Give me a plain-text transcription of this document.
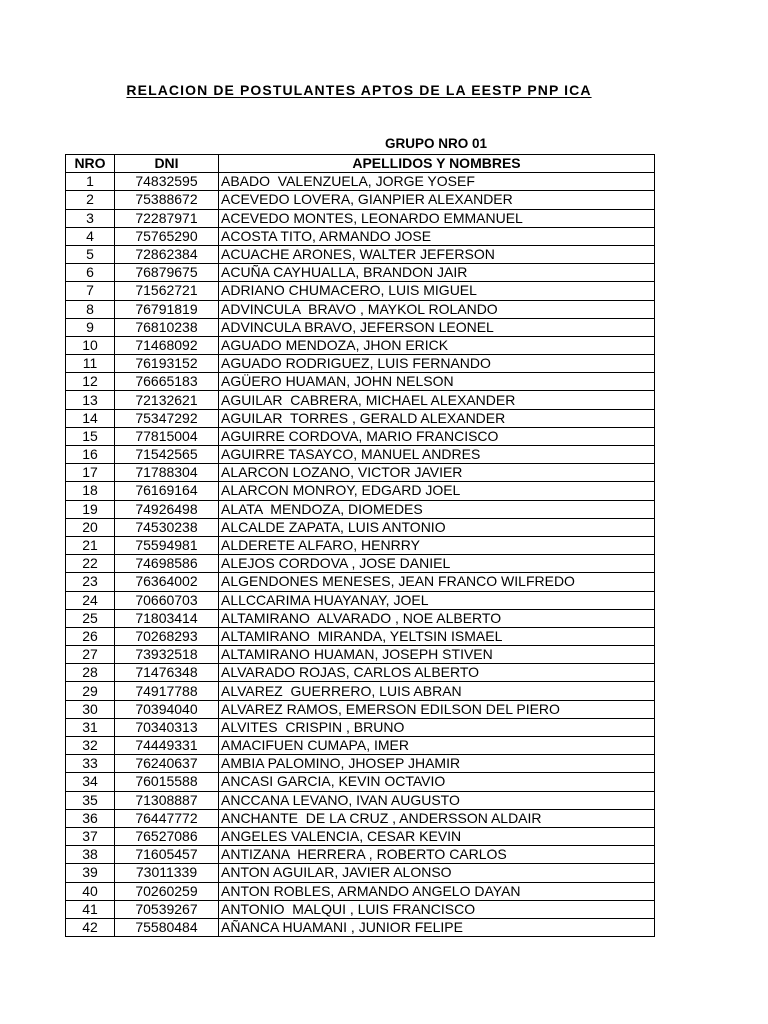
RELACION DE POSTULANTES APTOS DE LA EESTP PNP ICA
GRUPO NRO 01
NRO	DNI	APELLIDOS Y NOMBRES
1	74832595	ABADO  VALENZUELA, JORGE YOSEF
2	75388672	ACEVEDO LOVERA, GIANPIER ALEXANDER
3	72287971	ACEVEDO MONTES, LEONARDO EMMANUEL
4	75765290	ACOSTA TITO, ARMANDO JOSE
5	72862384	ACUACHE ARONES, WALTER JEFERSON
6	76879675	ACUÑA CAYHUALLA, BRANDON JAIR
7	71562721	ADRIANO CHUMACERO, LUIS MIGUEL
8	76791819	ADVINCULA  BRAVO , MAYKOL ROLANDO
9	76810238	ADVINCULA BRAVO, JEFERSON LEONEL
10	71468092	AGUADO MENDOZA, JHON ERICK
11	76193152	AGUADO RODRIGUEZ, LUIS FERNANDO
12	76665183	AGÜERO HUAMAN, JOHN NELSON
13	72132621	AGUILAR  CABRERA, MICHAEL ALEXANDER
14	75347292	AGUILAR  TORRES , GERALD ALEXANDER
15	77815004	AGUIRRE CORDOVA, MARIO FRANCISCO
16	71542565	AGUIRRE TASAYCO, MANUEL ANDRES
17	71788304	ALARCON LOZANO, VICTOR JAVIER
18	76169164	ALARCON MONROY, EDGARD JOEL
19	74926498	ALATA  MENDOZA, DIOMEDES
20	74530238	ALCALDE ZAPATA, LUIS ANTONIO
21	75594981	ALDERETE ALFARO, HENRRY
22	74698586	ALEJOS CORDOVA , JOSE DANIEL
23	76364002	ALGENDONES MENESES, JEAN FRANCO WILFREDO
24	70660703	ALLCCARIMA HUAYANAY, JOEL
25	71803414	ALTAMIRANO  ALVARADO , NOE ALBERTO
26	70268293	ALTAMIRANO  MIRANDA, YELTSIN ISMAEL
27	73932518	ALTAMIRANO HUAMAN, JOSEPH STIVEN
28	71476348	ALVARADO ROJAS, CARLOS ALBERTO
29	74917788	ALVAREZ  GUERRERO, LUIS ABRAN
30	70394040	ALVAREZ RAMOS, EMERSON EDILSON DEL PIERO
31	70340313	ALVITES  CRISPIN , BRUNO
32	74449331	AMACIFUEN CUMAPA, IMER
33	76240637	AMBIA PALOMINO, JHOSEP JHAMIR
34	76015588	ANCASI GARCIA, KEVIN OCTAVIO
35	71308887	ANCCANA LEVANO, IVAN AUGUSTO
36	76447772	ANCHANTE  DE LA CRUZ , ANDERSSON ALDAIR
37	76527086	ANGELES VALENCIA, CESAR KEVIN
38	71605457	ANTIZANA  HERRERA , ROBERTO CARLOS
39	73011339	ANTON AGUILAR, JAVIER ALONSO
40	70260259	ANTON ROBLES, ARMANDO ANGELO DAYAN
41	70539267	ANTONIO  MALQUI , LUIS FRANCISCO
42	75580484	AÑANCA HUAMANI , JUNIOR FELIPE
